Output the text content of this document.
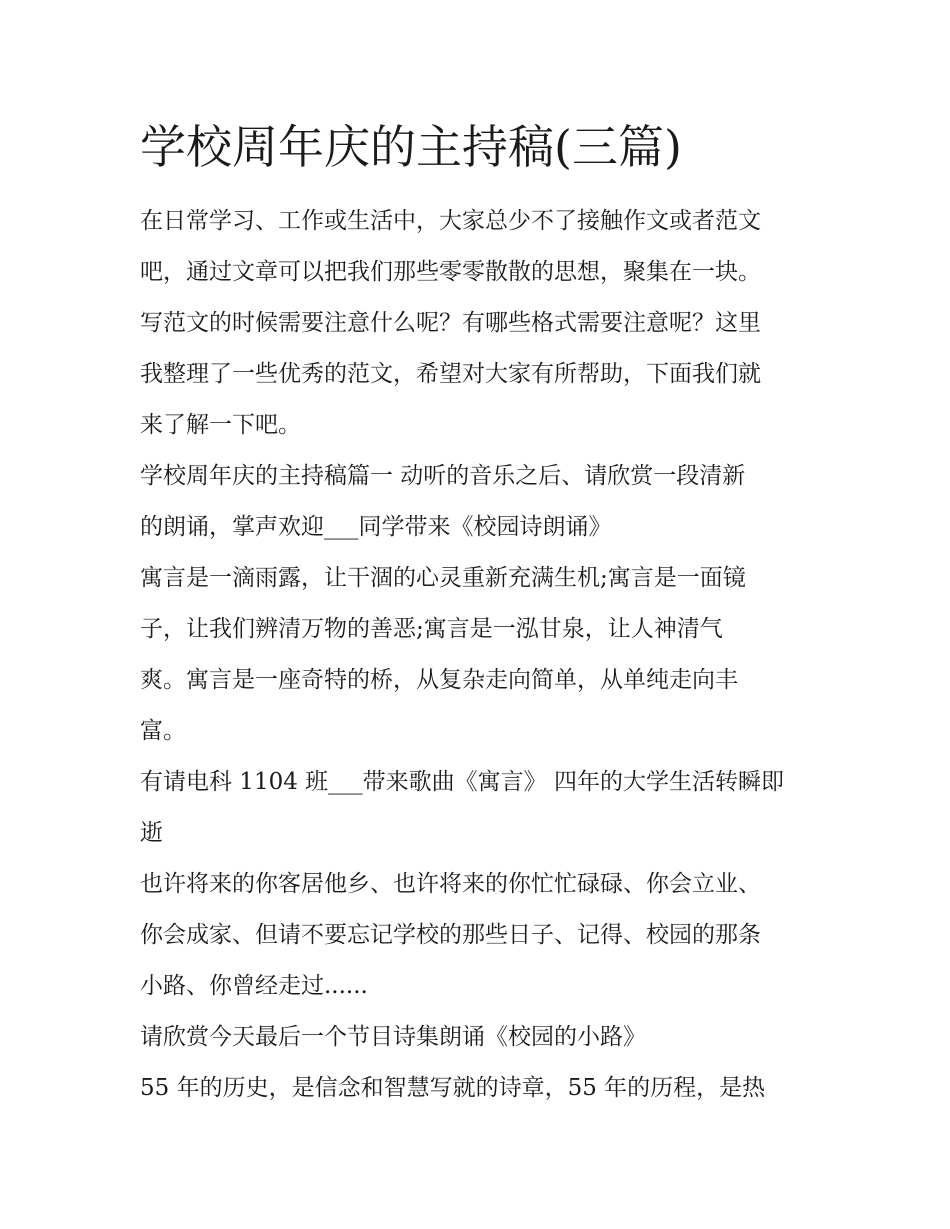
学校周年庆的主持稿(三篇)

在日常学习、工作或生活中，大家总少不了接触作文或者范文

吧，通过文章可以把我们那些零零散散的思想，聚集在一块。

写范文的时候需要注意什么呢？有哪些格式需要注意呢？这里

我整理了一些优秀的范文，希望对大家有所帮助，下面我们就

来了解一下吧。

学校周年庆的主持稿篇一 动听的音乐之后、请欣赏一段清新

的朗诵，掌声欢迎___同学带来《校园诗朗诵》

寓言是一滴雨露，让干涸的心灵重新充满生机;寓言是一面镜

子，让我们辨清万物的善恶;寓言是一泓甘泉，让人神清气

爽。寓言是一座奇特的桥，从复杂走向简单，从单纯走向丰

富。

有请电科 1104 班___带来歌曲《寓言》 四年的大学生活转瞬即

逝

也许将来的你客居他乡、也许将来的你忙忙碌碌、你会立业、

你会成家、但请不要忘记学校的那些日子、记得、校园的那条

小路、你曾经走过......

请欣赏今天最后一个节目诗集朗诵《校园的小路》

55 年的历史，是信念和智慧写就的诗章，55 年的历程，是热
